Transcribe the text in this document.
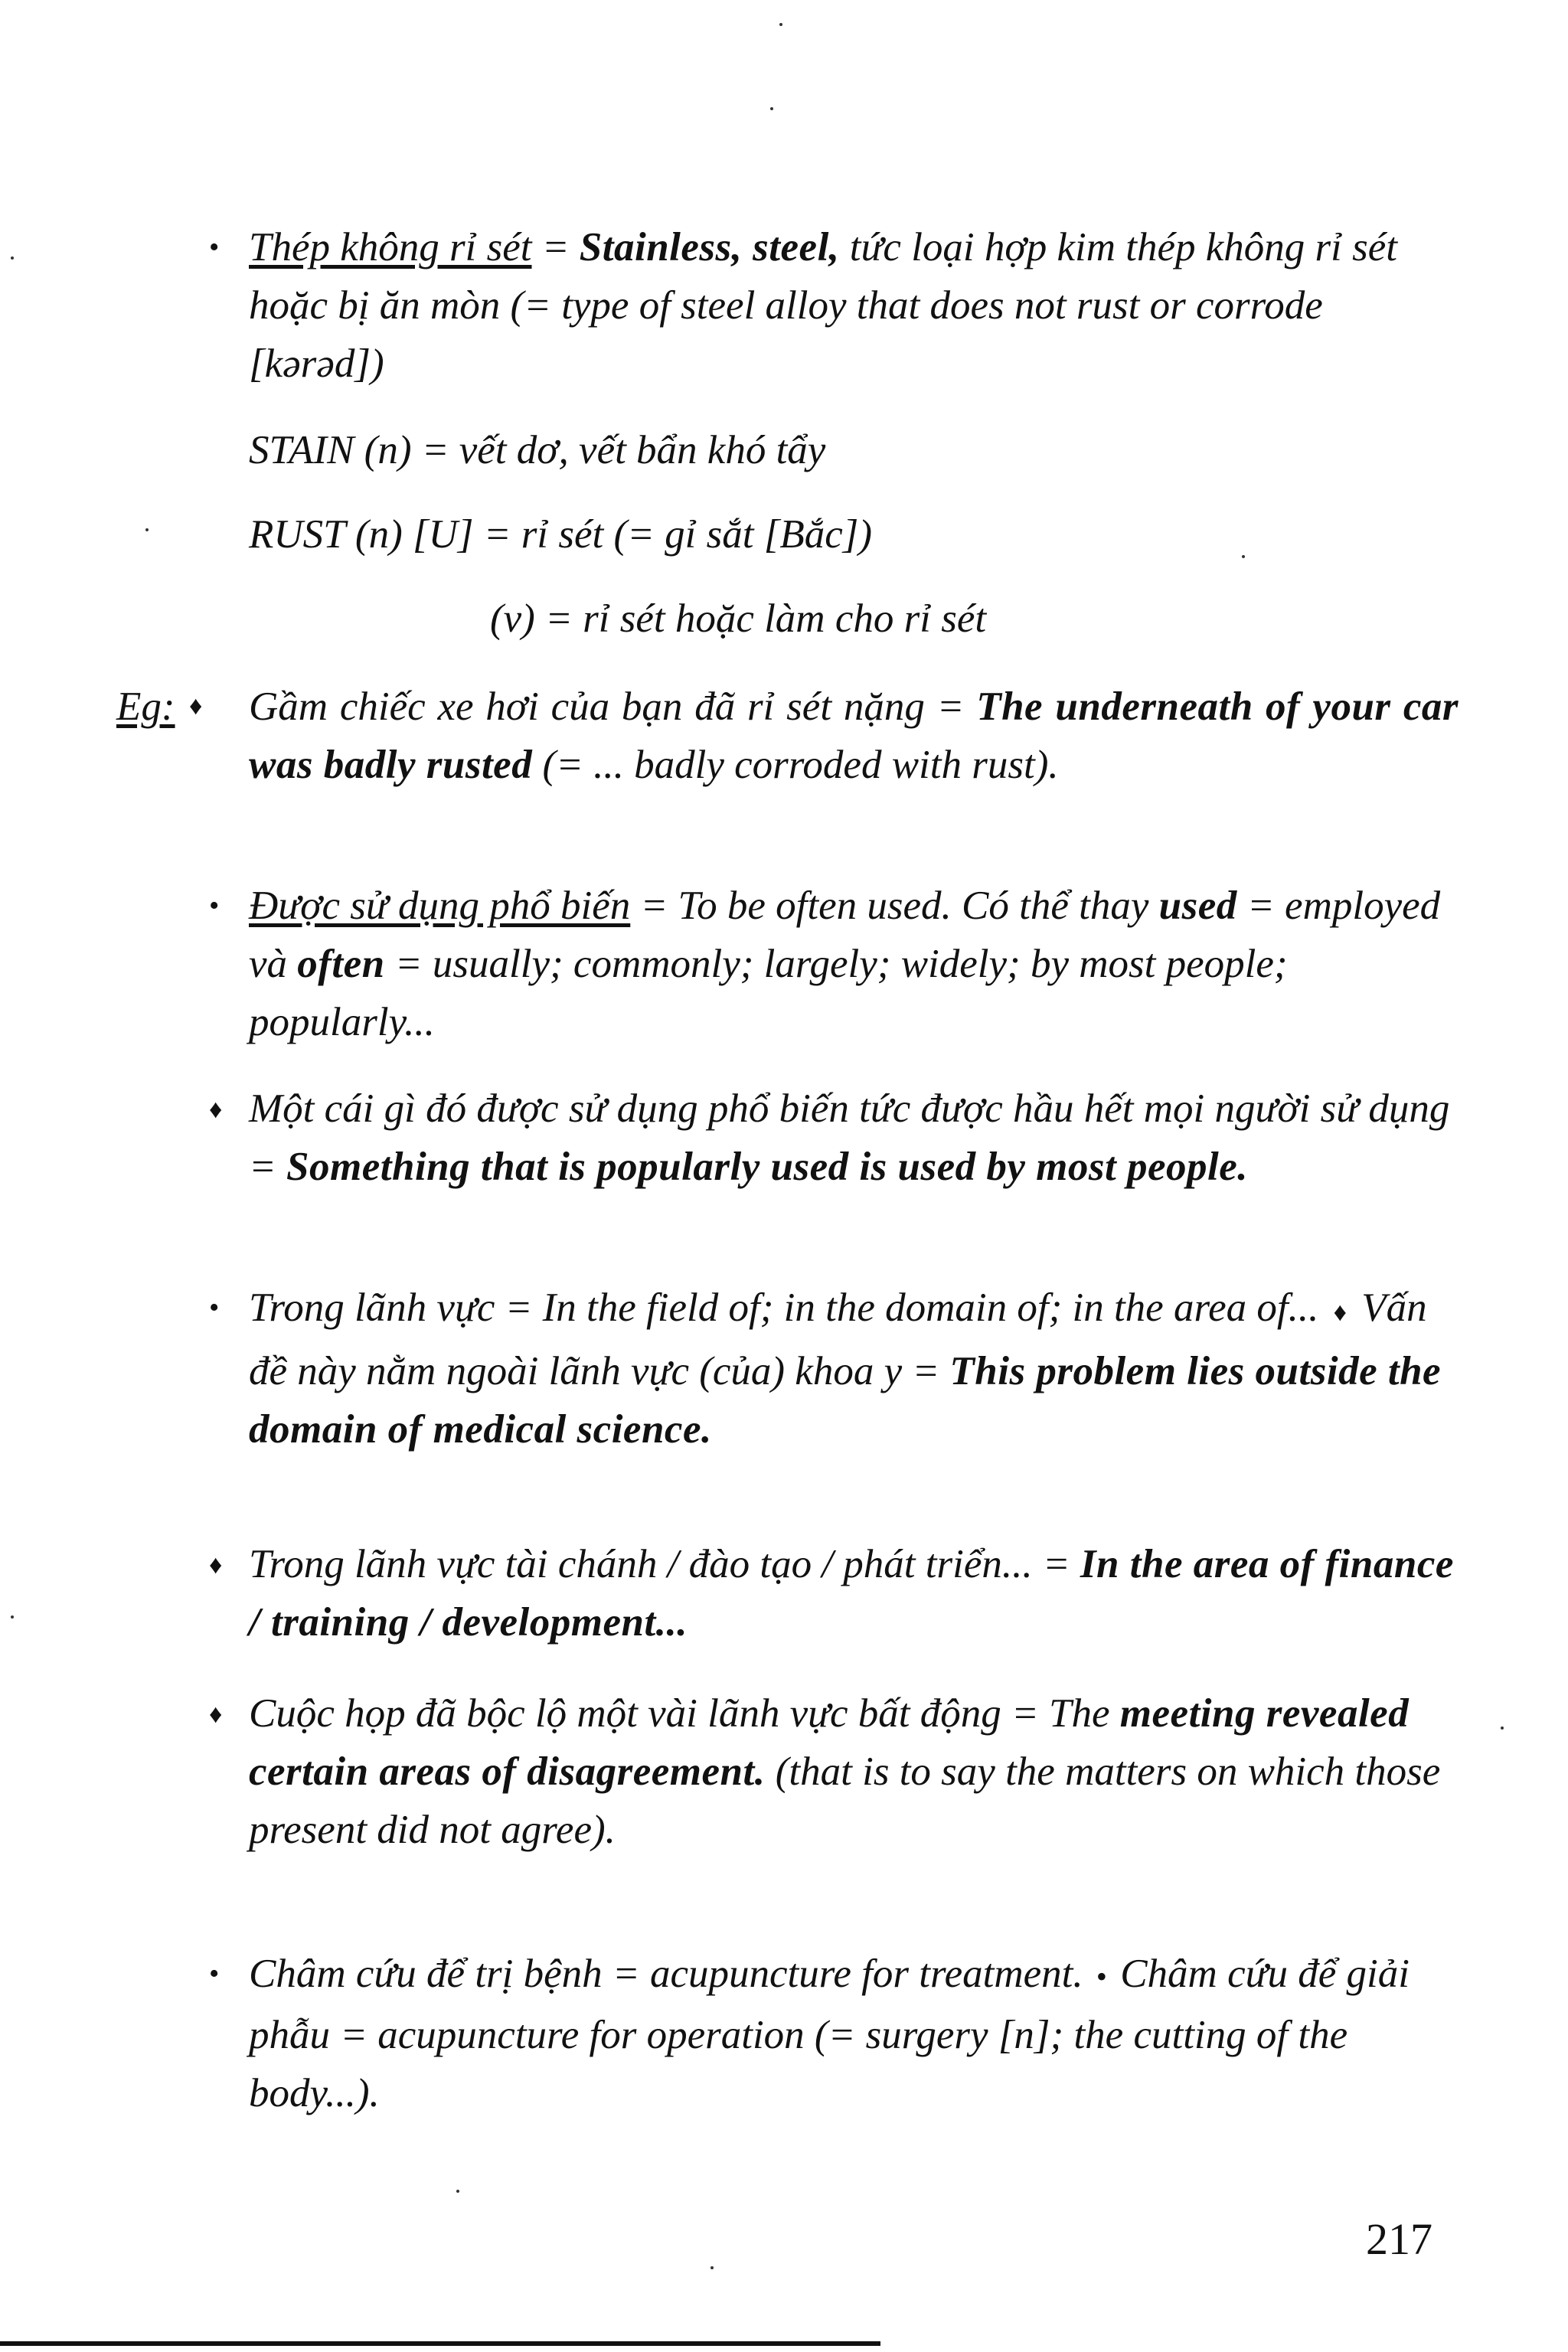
•

Thép không rỉ sét = Stainless, steel, tức loại hợp kim thép không rỉ sét hoặc bị ăn mòn (= type of steel alloy that does not rust or corrode [kərəd])

STAIN (n) = vết dơ, vết bẩn khó tẩy
RUST (n) [U] = rỉ sét (= gỉ sắt [Bắc])
(v) = rỉ sét hoặc làm cho rỉ sét
Eg: ♦ Gầm chiếc xe hơi của bạn đã rỉ sét nặng = The underneath of your car was badly rusted (= ... badly corroded with rust).

•

Được sử dụng phổ biến = To be often used. Có thể thay used = employed và often = usually; commonly; largely; widely; by most people; popularly...

♦

Một cái gì đó được sử dụng phổ biến tức được hầu hết mọi người sử dụng = Something that is popularly used is used by most people.

•

Trong lãnh vực = In the field of; in the domain of; in the area of... ♦ Vấn đề này nằm ngoài lãnh vực (của) khoa y = This problem lies outside the domain of medical science.

♦

Trong lãnh vực tài chánh / đào tạo / phát triển... = In the area of finance / training / development...

♦

Cuộc họp đã bộc lộ một vài lãnh vực bất động = The meeting revealed certain areas of disagreement. (that is to say the matters on which those present did not agree).

•

Châm cứu để trị bệnh = acupuncture for treatment. • Châm cứu để giải phẫu = acupuncture for operation (= surgery [n]; the cutting of the body...).

217
